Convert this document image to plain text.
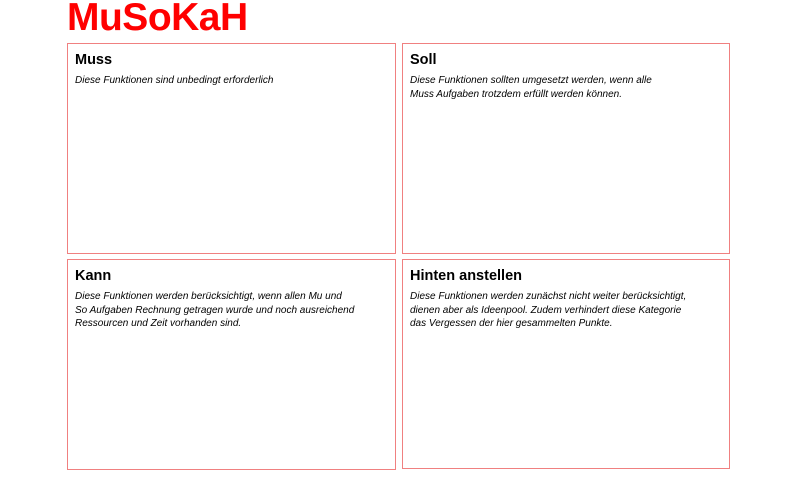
MuSoKaH
Muss

Diese Funktionen sind unbedingt erforderlich

Soll

Diese Funktionen sollten umgesetzt werden, wenn alle
Muss Aufgaben trotzdem erfüllt werden können.

Kann

Diese Funktionen werden berücksichtigt, wenn allen Mu und
So Aufgaben Rechnung getragen wurde und noch ausreichend
Ressourcen und Zeit vorhanden sind.

Hinten anstellen

Diese Funktionen werden zunächst nicht weiter berücksichtigt,
dienen aber als Ideenpool. Zudem verhindert diese Kategorie
das Vergessen der hier gesammelten Punkte.
